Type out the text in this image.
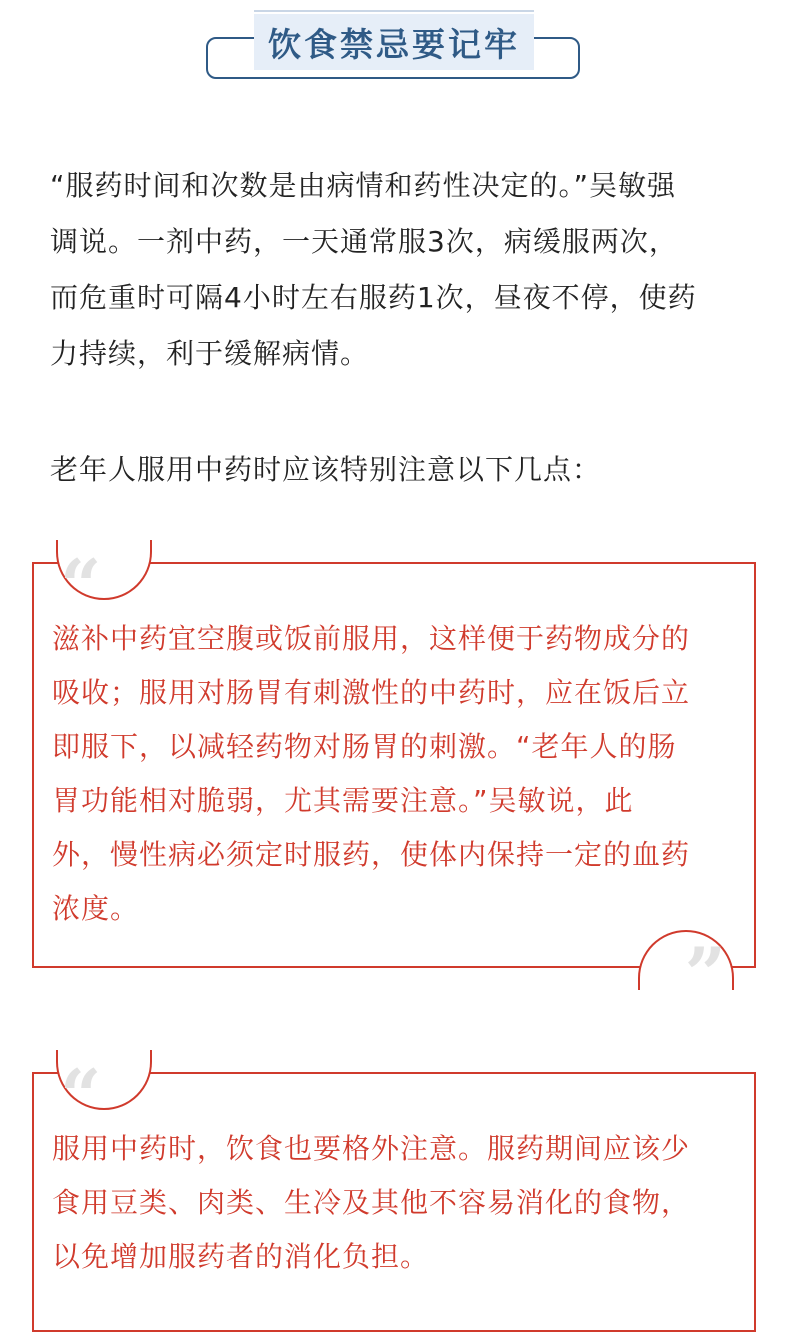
饮食禁忌要记牢
“服药时间和次数是由病情和药性决定的。”吴敏强
调说。一剂中药，一天通常服3次，病缓服两次，
而危重时可隔4小时左右服药1次，昼夜不停，使药
力持续，利于缓解病情。
老年人服用中药时应该特别注意以下几点：
“
”
滋补中药宜空腹或饭前服用，这样便于药物成分的
吸收；服用对肠胃有刺激性的中药时，应在饭后立
即服下，以减轻药物对肠胃的刺激。“老年人的肠
胃功能相对脆弱，尤其需要注意。”吴敏说，此
外，慢性病必须定时服药，使体内保持一定的血药
浓度。
“
服用中药时，饮食也要格外注意。服药期间应该少
食用豆类、肉类、生冷及其他不容易消化的食物，
以免增加服药者的消化负担。
